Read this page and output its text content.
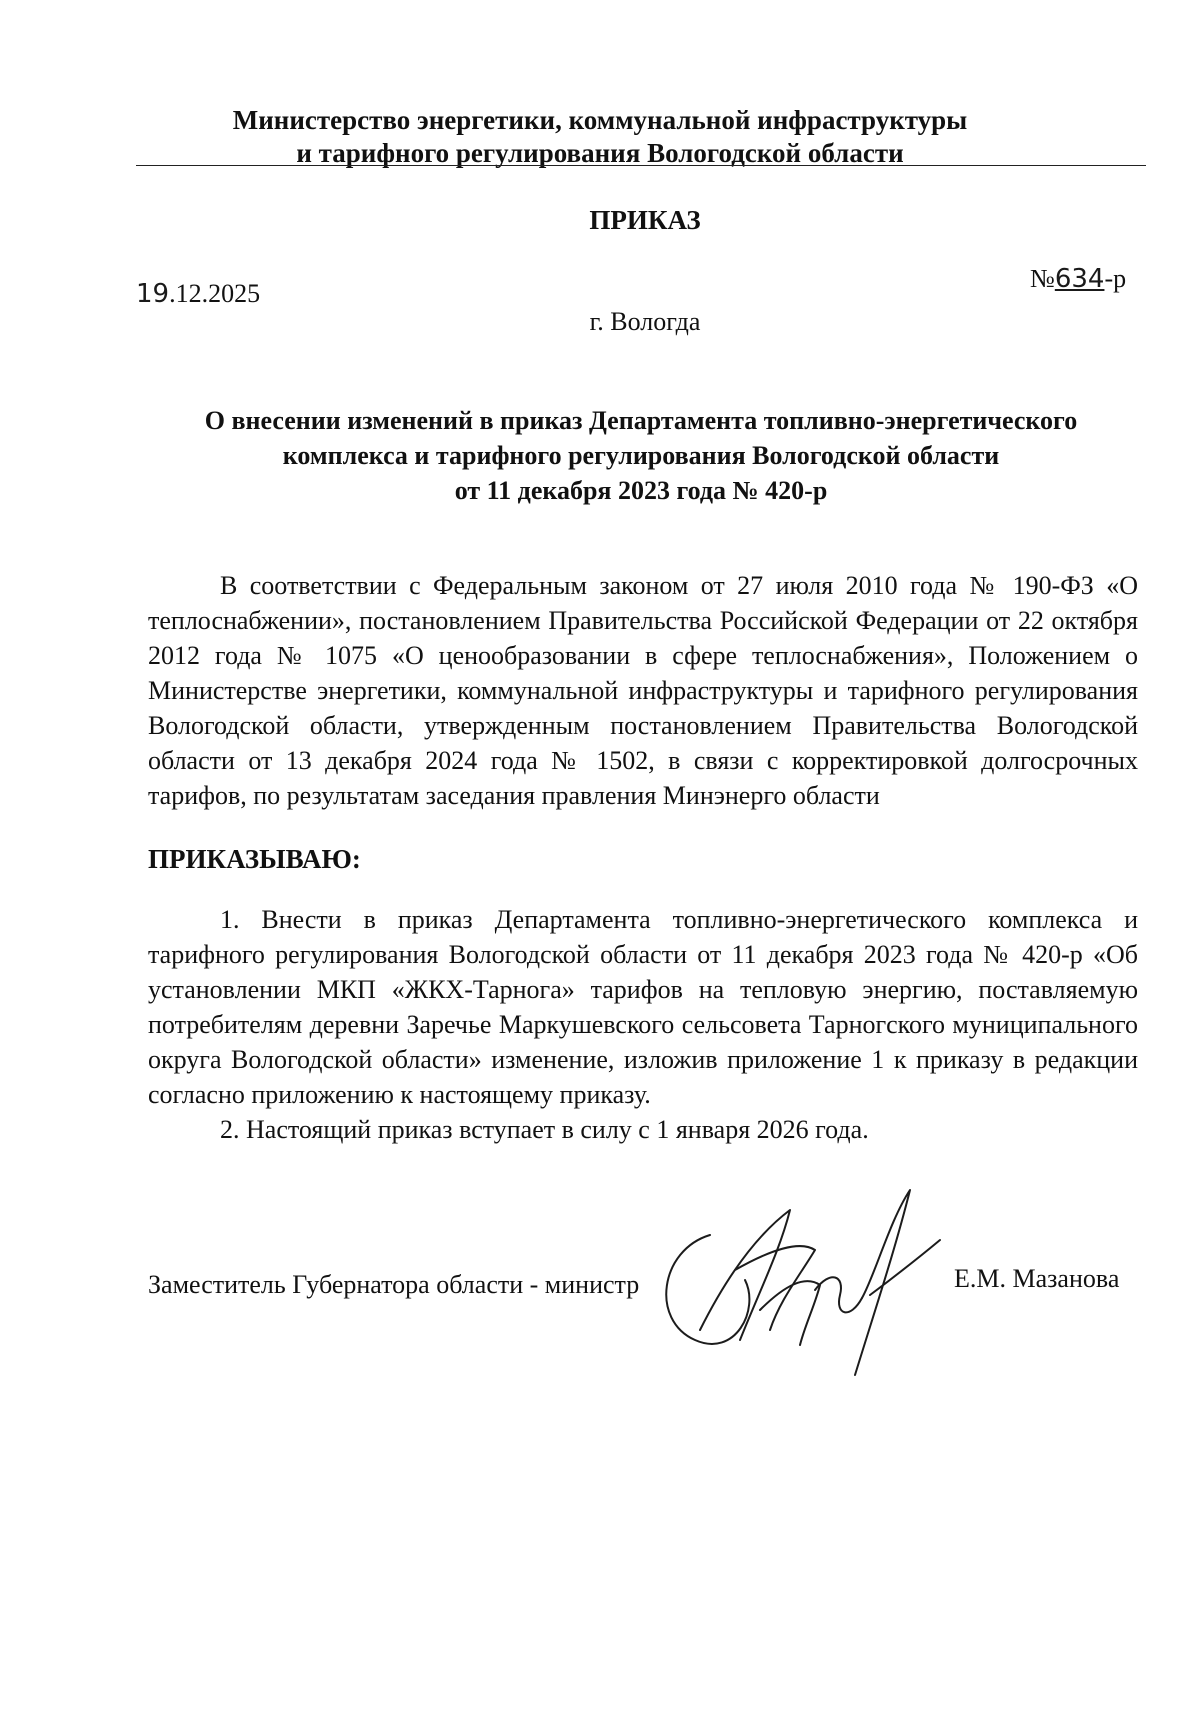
Министерство энергетики, коммунальной инфраструктуры
и тарифного регулирования Вологодской области
ПРИКАЗ
19.12.2025
№634-р
г. Вологда
О внесении изменений в приказ Департамента топливно-энергетического
комплекса и тарифного регулирования Вологодской области
от 11 декабря 2023 года № 420-р
В соответствии с Федеральным законом от 27 июля 2010 года № 190-ФЗ «О теплоснабжении», постановлением Правительства Российской Федерации от 22 октября 2012 года № 1075 «О ценообразовании в сфере теплоснабжения», Положением о Министерстве энергетики, коммунальной инфраструктуры и тарифного регулирования Вологодской области, утвержденным постановлением Правительства Вологодской области от 13 декабря 2024 года № 1502, в связи с корректировкой долгосрочных тарифов, по результатам заседания правления Минэнерго области
ПРИКАЗЫВАЮ:

1. Внести в приказ Департамента топливно-энергетического комплекса и тарифного регулирования Вологодской области от 11 декабря 2023 года № 420-р «Об установлении МКП «ЖКХ-Тарнога» тарифов на тепловую энергию, поставляемую потребителям деревни Заречье Маркушевского сельсовета Тарногского муниципального округа Вологодской области» изменение, изложив приложение 1 к приказу в редакции согласно приложению к настоящему приказу.

2. Настоящий приказ вступает в силу с 1 января 2026 года.

Заместитель Губернатора области - министр	Е.М. Мазанова
